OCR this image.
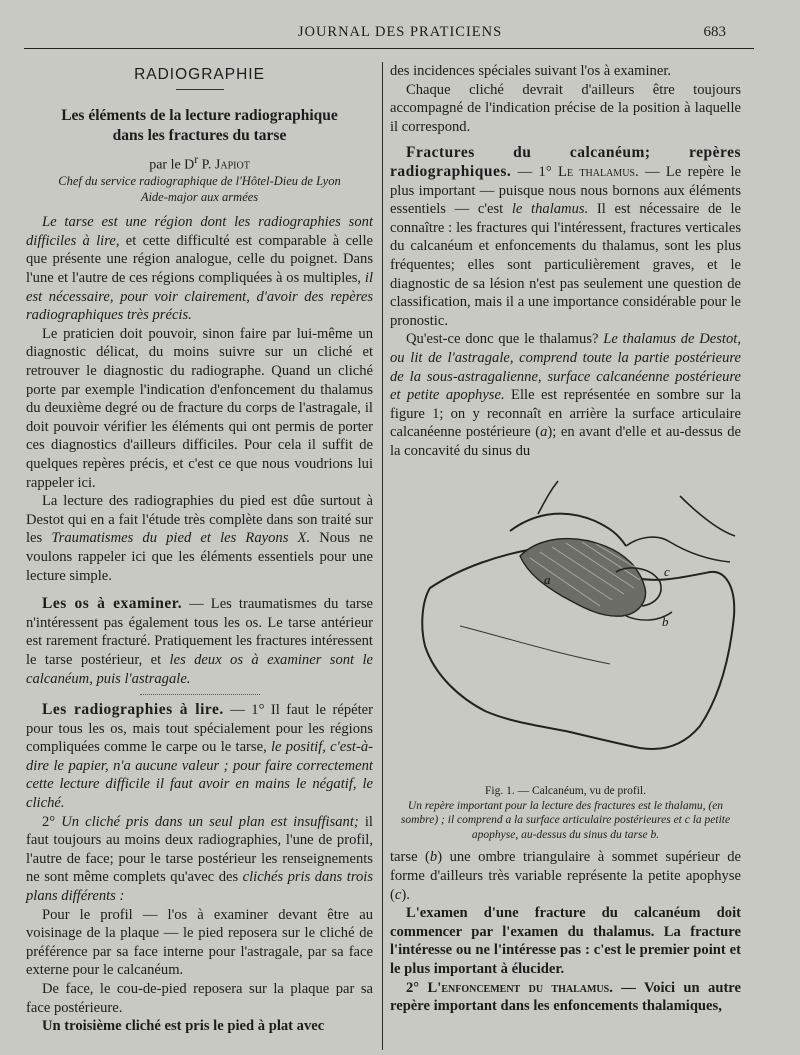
JOURNAL DES PRATICIENS	683
RADIOGRAPHIE

Les éléments de la lecture radiographique

dans les fractures du tarse

par le $D^r$ P. Japiot

Chef du service radiographique de l'Hôtel-Dieu de Lyon

Aide-major aux armées

Le tarse est une région dont les radiographies sont difficiles à lire, et cette difficulté est comparable à celle que présente une région analogue, celle du poignet. Dans l'une et l'autre de ces régions compliquées à os multiples, il est nécessaire, pour voir clairement, d'avoir des repères radiographiques très précis.

Le praticien doit pouvoir, sinon faire par lui-même un diagnostic délicat, du moins suivre sur un cliché et retrouver le diagnostic du radiographe. Quand un cliché porte par exemple l'indication d'enfoncement du thalamus du deuxième degré ou de fracture du corps de l'astragale, il doit pouvoir vérifier les éléments qui ont permis de porter ces diagnostics d'ailleurs difficiles. Pour cela il suffit de quelques repères précis, et c'est ce que nous voudrions lui rappeler ici.

La lecture des radiographies du pied est dûe surtout à Destot qui en a fait l'étude très complète dans son traité sur les Traumatismes du pied et les Rayons X. Nous ne voulons rappeler ici que les éléments essentiels pour une lecture simple.

Les os à examiner. — Les traumatismes du tarse n'intéressent pas également tous les os. Le tarse antérieur est rarement fracturé. Pratiquement les fractures intéressent le tarse postérieur, et les deux os à examiner sont le calcanéum, puis l'astragale.

Les radiographies à lire. — 1° Il faut le répéter pour tous les os, mais tout spécialement pour les régions compliquées comme le carpe ou le tarse, le positif, c'est-à-dire le papier, n'a aucune valeur ; pour faire correctement cette lecture difficile il faut avoir en mains le négatif, le cliché.

2° Un cliché pris dans un seul plan est insuffisant; il faut toujours au moins deux radiographies, l'une de profil, l'autre de face; pour le tarse postérieur les renseignements ne sont même complets qu'avec des clichés pris dans trois plans différents :

Pour le profil — l'os à examiner devant être au voisinage de la plaque — le pied reposera sur le cliché de préférence par sa face interne pour l'astragale, par sa face externe pour le calcanéum.

De face, le cou-de-pied reposera sur la plaque par sa face postérieure.

Un troisième cliché est pris le pied à plat avec

des incidences spéciales suivant l'os à examiner.

Chaque cliché devrait d'ailleurs être toujours accompagné de l'indication précise de la position à laquelle il correspond.

Fractures du calcanéum; repères radiographiques. — 1° Le thalamus. — Le repère le plus important — puisque nous nous bornons aux éléments essentiels — c'est le thalamus. Il est nécessaire de le connaître : les fractures qui l'intéressent, fractures verticales du calcanéum et enfoncements du thalamus, sont les plus fréquentes; elles sont particulièrement graves, et le diagnostic de sa lésion n'est pas seulement une question de classification, mais il a une importance considérable pour le pronostic.

Qu'est-ce donc que le thalamus? Le thalamus de Destot, ou lit de l'astragale, comprend toute la partie postérieure de la sous-astragalienne, surface calcanéenne postérieure et petite apophyse. Elle est représentée en sombre sur la figure 1; on y reconnaît en arrière la surface articulaire calcanéenne postérieure (a); en avant d'elle et au-dessus de la concavité du sinus du

a
b
c

Fig. 1. — Calcanéum, vu de profil.
Un repère important pour la lecture des fractures est le thalamu, (en sombre) ; il comprend a la surface articulaire postérieures et c la petite apophyse, au-dessus du sinus du tarse b.

tarse (b) une ombre triangulaire à sommet supérieur de forme d'ailleurs très variable représente la petite apophyse (c).

L'examen d'une fracture du calcanéum doit commencer par l'examen du thalamus. La fracture l'intéresse ou ne l'intéresse pas : c'est le premier point et le plus important à élucider.

2° L'enfoncement du thalamus. — Voici un autre repère important dans les enfoncements thalamiques,
